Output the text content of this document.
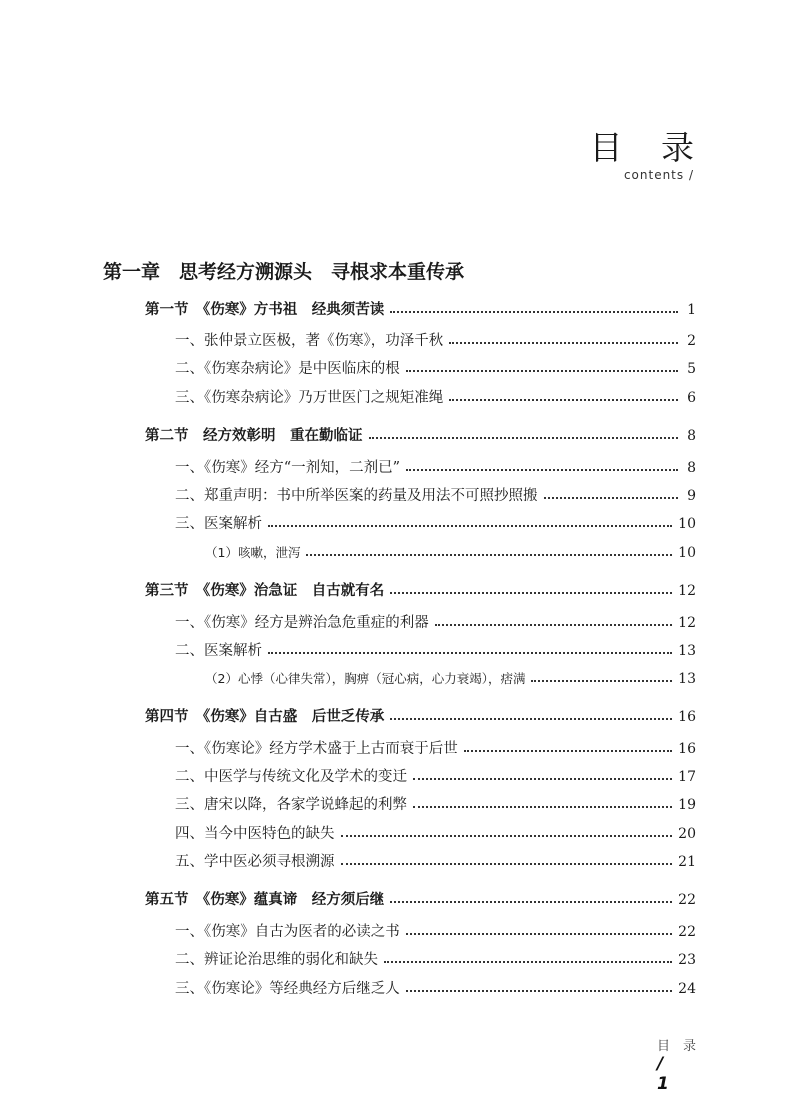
目 录
contents /
第一章　思考经方溯源头　寻根求本重传承
第一节　《伤寒》方书祖　经典须苦读	1
一、张仲景立医极，著《伤寒》，功泽千秋	2
二、《伤寒杂病论》是中医临床的根	5
三、《伤寒杂病论》乃万世医门之规矩准绳	6
第二节　经方效彰明　重在勤临证	8
一、《伤寒》经方“一剂知，二剂已”	8
二、郑重声明：书中所举医案的药量及用法不可照抄照搬	9
三、医案解析	10
（1）咳嗽，泄泻	10
第三节　《伤寒》治急证　自古就有名	12
一、《伤寒》经方是辨治急危重症的利器	12
二、医案解析	13
（2）心悸（心律失常），胸痹（冠心病，心力衰竭），痞满	13
第四节　《伤寒》自古盛　后世乏传承	16
一、《伤寒论》经方学术盛于上古而衰于后世	16
二、中医学与传统文化及学术的变迁	17
三、唐宋以降，各家学说蜂起的利弊	19
四、当今中医特色的缺失	20
五、学中医必须寻根溯源	21
第五节　《伤寒》蕴真谛　经方须后继	22
一、《伤寒》自古为医者的必读之书	22
二、辨证论治思维的弱化和缺失	23
三、《伤寒论》等经典经方后继乏人	24

目　录
/
1
